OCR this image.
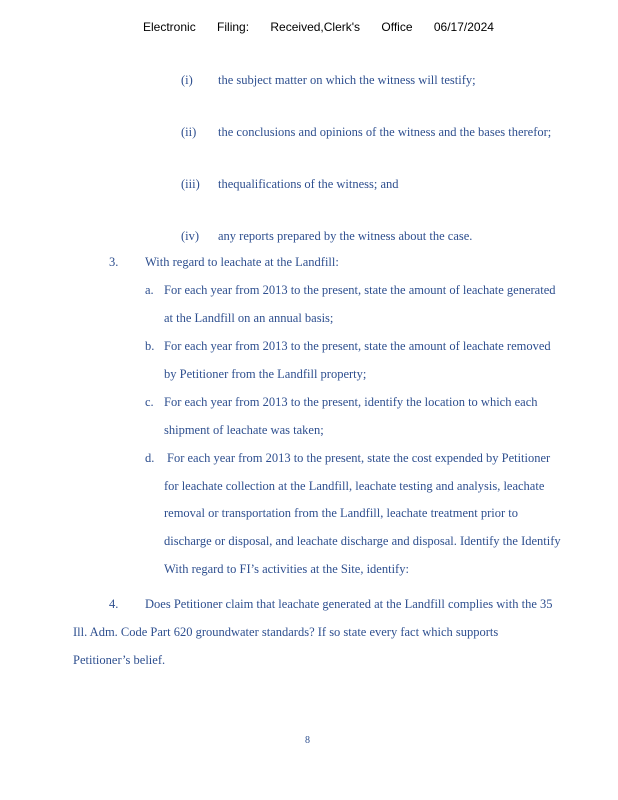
Electronic Filing: Received,Clerk's Office 06/17/2024
(i) the subject matter on which the witness will testify;
(ii) the conclusions and opinions of the witness and the bases therefor;
(iii) thequalifications of the witness; and
(iv) any reports prepared by the witness about the case.
3. With regard to leachate at the Landfill:
a. For each year from 2013 to the present, state the amount of leachate generated
at the Landfill on an annual basis;
b. For each year from 2013 to the present, state the amount of leachate removed
by Petitioner from the Landfill property;
c. For each year from 2013 to the present, identify the location to which each
shipment of leachate was taken;
d. For each year from 2013 to the present, state the cost expended by Petitioner
for leachate collection at the Landfill, leachate testing and analysis, leachate
removal or transportation from the Landfill, leachate treatment prior to
discharge or disposal, and leachate discharge and disposal. Identify the Identify
With regard to FI’s activities at the Site, identify:
4. Does Petitioner claim that leachate generated at the Landfill complies with the 35
Ill. Adm. Code Part 620 groundwater standards? If so state every fact which supports
Petitioner’s belief.
8
